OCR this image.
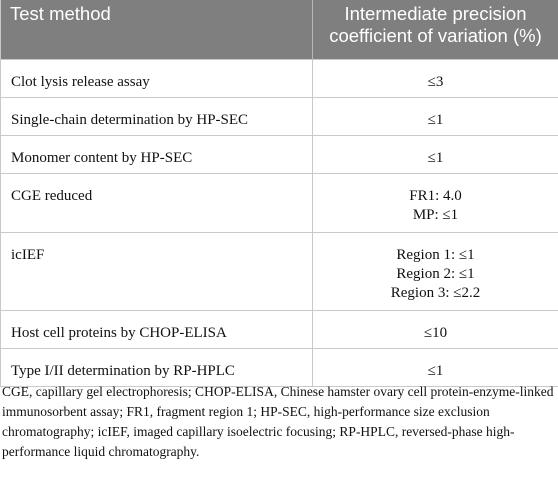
Test method	Intermediate precision
coefficient of variation (%)

Clot lysis release assay	≤3

Single-chain determination by HP-SEC	≤1

Monomer content by HP-SEC	≤1

CGE reduced	FR1: 4.0
MP: ≤1

icIEF	Region 1: ≤1
Region 2: ≤1
Region 3: ≤2.2

Host cell proteins by CHOP-ELISA	≤10

Type I/II determination by RP-HPLC	≤1
CGE, capillary gel electrophoresis; CHOP-ELISA, Chinese hamster ovary cell protein-enzyme-linked immunosorbent assay; FR1, fragment region 1; HP-SEC, high-performance size exclusion chromatography; icIEF, imaged capillary isoelectric focusing; RP-HPLC, reversed-phase high-performance liquid chromatography.
